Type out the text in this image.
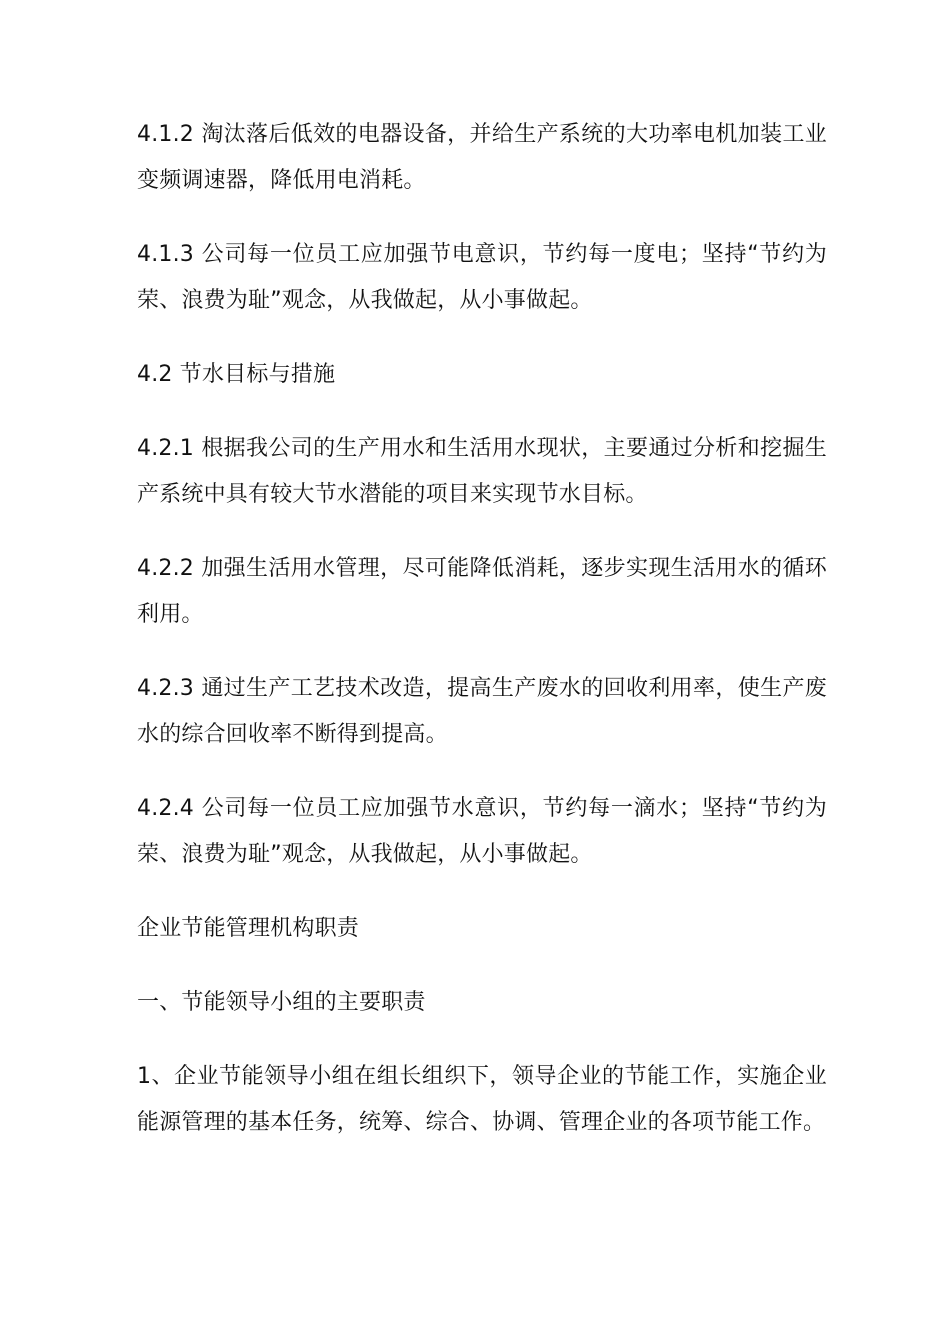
4.1.2 淘汰落后低效的电器设备，并给生产系统的大功率电机加装工业变频调速器，降低用电消耗。

4.1.3 公司每一位员工应加强节电意识，节约每一度电；坚持“节约为荣、浪费为耻”观念，从我做起，从小事做起。

4.2 节水目标与措施

4.2.1 根据我公司的生产用水和生活用水现状，主要通过分析和挖掘生产系统中具有较大节水潜能的项目来实现节水目标。

4.2.2 加强生活用水管理，尽可能降低消耗，逐步实现生活用水的循环利用。

4.2.3 通过生产工艺技术改造，提高生产废水的回收利用率，使生产废水的综合回收率不断得到提高。

4.2.4 公司每一位员工应加强节水意识，节约每一滴水；坚持“节约为荣、浪费为耻”观念，从我做起，从小事做起。

企业节能管理机构职责

一、节能领导小组的主要职责

1、企业节能领导小组在组长组织下，领导企业的节能工作，实施企业能源管理的基本任务，统筹、综合、协调、管理企业的各项节能工作。
